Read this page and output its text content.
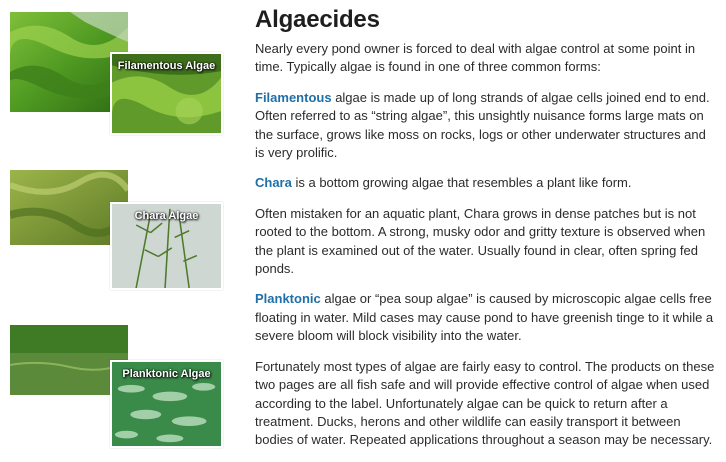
Filamentous Algae
Chara Algae
Planktonic Algae
Algaecides

Nearly every pond owner is forced to deal with algae control at some point in time. Typically algae is found in one of three common forms:

Filamentous algae is made up of long strands of algae cells joined end to end. Often referred to as “string algae”, this unsightly nuisance forms large mats on the surface, grows like moss on rocks, logs or other underwater structures and is very prolific.

Chara is a bottom growing algae that resembles a plant like form.

Often mistaken for an aquatic plant, Chara grows in dense patches but is not rooted to the bottom. A strong, musky odor and gritty texture is observed when the plant is examined out of the water. Usually found in clear, often spring fed ponds.

Planktonic algae or “pea soup algae” is caused by microscopic algae cells free floating in water. Mild cases may cause pond to have greenish tinge to it while a severe bloom will block visibility into the water.

Fortunately most types of algae are fairly easy to control. The products on these two pages are all fish safe and will provide effective control of algae when used according to the label. Unfortunately algae can be quick to return after a treatment. Ducks, herons and other wildlife can easily transport it between bodies of water. Repeated applications throughout a season may be necessary.
